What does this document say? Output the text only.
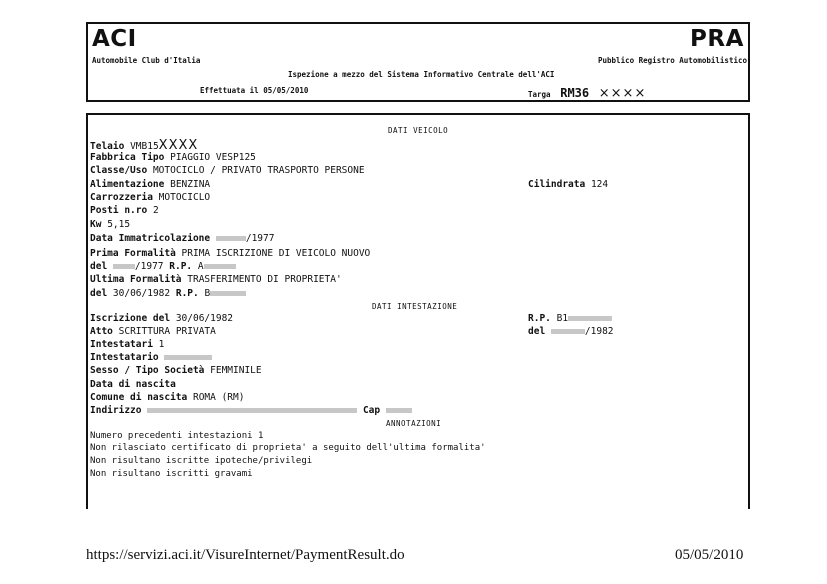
ACI
Automobile Club d'Italia
PRA
Pubblico Registro Automobilistico
Ispezione a mezzo del Sistema Informativo Centrale dell'ACI
Effettuata il 05/05/2010	Targa RM36 ××××
DATI VEICOLO
Telaio VMB15XXXX
Fabbrica Tipo PIAGGIO VESP125
Classe/Uso MOTOCICLO / PRIVATO TRASPORTO PERSONE
Alimentazione BENZINA	Cilindrata 124
Carrozzeria MOTOCICLO
Posti n.ro 2
Kw 5,15
Data Immatricolazione	/1977
Prima Formalità PRIMA ISCRIZIONE DI VEICOLO NUOVO
del	/1977 R.P. A
Ultima Formalità TRASFERIMENTO DI PROPRIETA'
del 30/06/1982 R.P. B
DATI INTESTAZIONE
Iscrizione del 30/06/1982	R.P. B1
Atto SCRITTURA PRIVATA	del	/1982
Intestatari 1
Intestatario
Sesso / Tipo Società FEMMINILE
Data di nascita
Comune di nascita ROMA (RM)
Indirizzo	Cap
ANNOTAZIONI
Numero precedenti intestazioni 1
Non rilasciato certificato di proprieta' a seguito dell'ultima formalita'
Non risultano iscritte ipoteche/privilegi
Non risultano iscritti gravami
https://servizi.aci.it/VisureInternet/PaymentResult.do	05/05/2010
